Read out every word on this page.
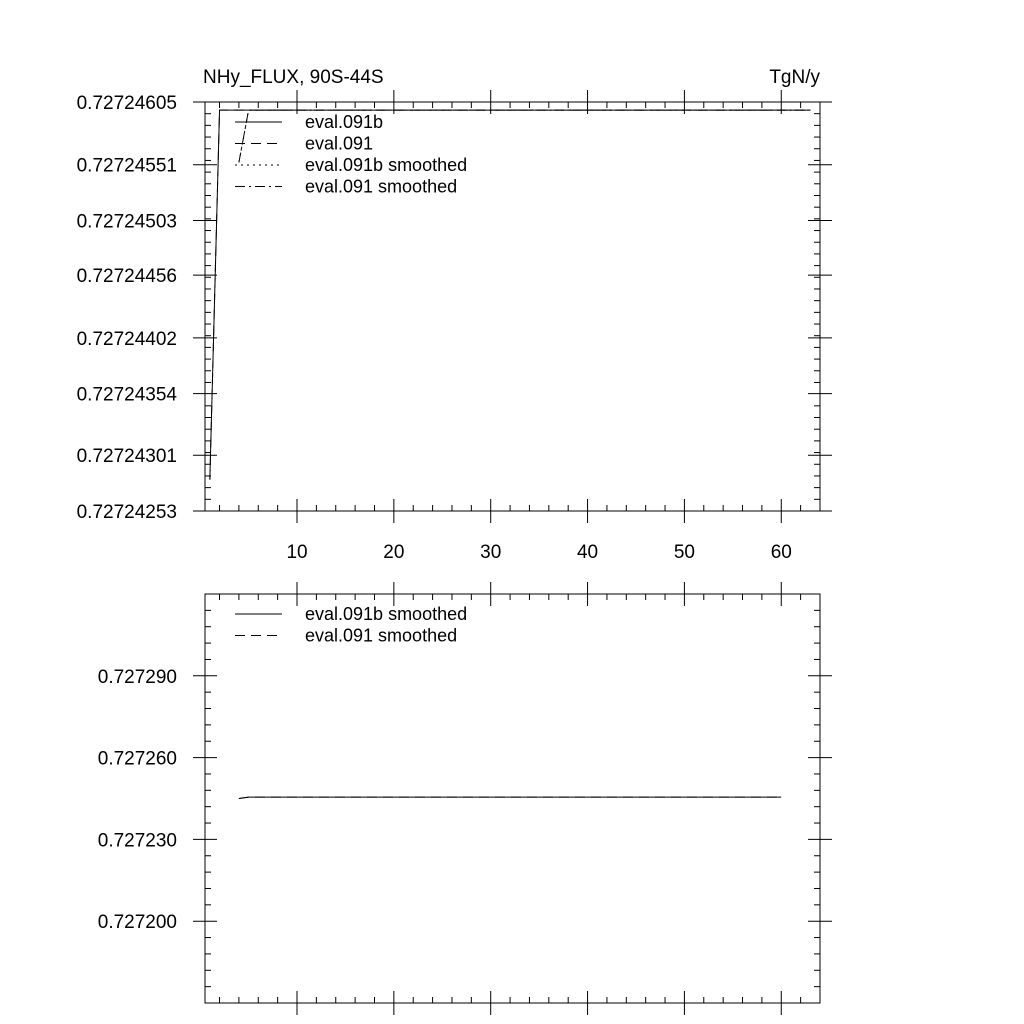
NHy_FLUX, 90S-44S	TgN/y
10	20	30	40	50	60
0.72724253
0.72724301
0.72724354
0.72724402
0.72724456
0.72724503
0.72724551
0.72724605
eval.091b
eval.091
eval.091b smoothed
eval.091 smoothed
0.727200
0.727230
0.727260
0.727290
eval.091b smoothed
eval.091 smoothed
